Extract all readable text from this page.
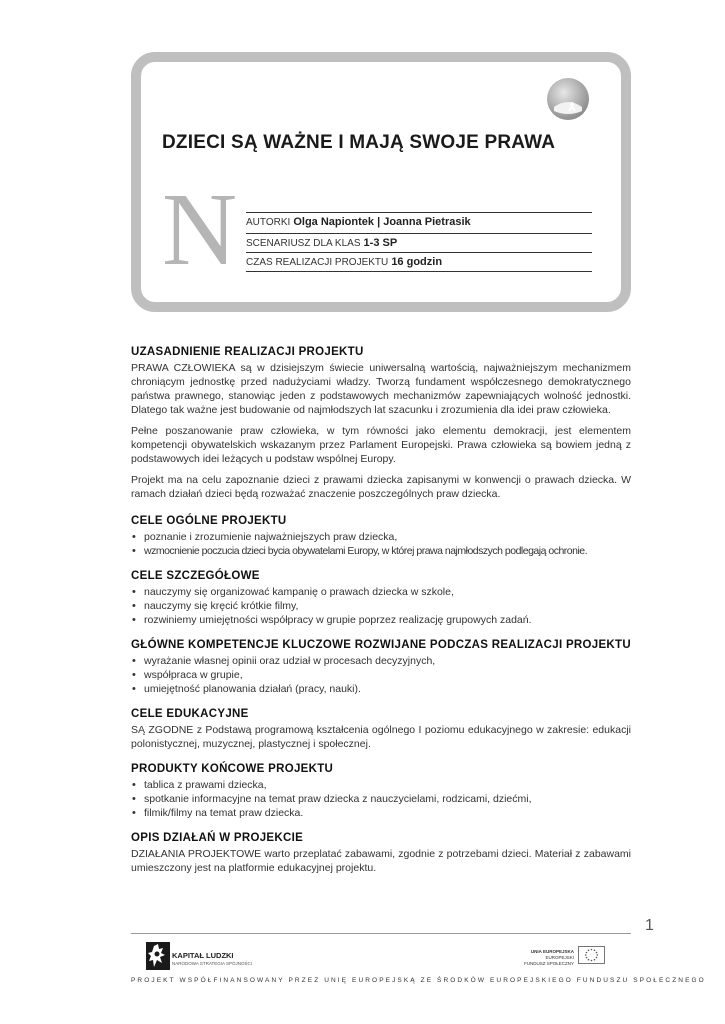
DZIECI SĄ WAŻNE I MAJĄ SWOJE PRAWA
N AUTORKI Olga Napiontek | Joanna Pietrasik
SCENARIUSZ DLA KLAS 1-3 SP
CZAS REALIZACJI PROJEKTU 16 godzin
UZASADNIENIE REALIZACJI PROJEKTU

PRAWA CZŁOWIEKA są w dzisiejszym świecie uniwersalną wartością, najważniejszym mechanizmem chroniącym jednostkę przed nadużyciami władzy. Tworzą fundament współczesnego demokratycznego państwa prawnego, stanowiąc jeden z podstawowych mechanizmów zapewniających wolność jednostki. Dlatego tak ważne jest budowanie od najmłodszych lat szacunku i zrozumienia dla idei praw człowieka.

Pełne poszanowanie praw człowieka, w tym równości jako elementu demokracji, jest elementem kompetencji obywatelskich wskazanym przez Parlament Europejski. Prawa człowieka są bowiem jedną z podstawowych idei leżących u podstaw wspólnej Europy.

Projekt ma na celu zapoznanie dzieci z prawami dziecka zapisanymi w konwencji o prawach dziecka. W ramach działań dzieci będą rozważać znaczenie poszczególnych praw dziecka.

CELE OGÓLNE PROJEKTU
• poznanie i zrozumienie najważniejszych praw dziecka,
• wzmocnienie poczucia dzieci bycia obywatelami Europy, w której prawa najmłodszych podlegają ochronie.
CELE SZCZEGÓŁOWE
• nauczymy się organizować kampanię o prawach dziecka w szkole,
• nauczymy się kręcić krótkie filmy,
• rozwiniemy umiejętności współpracy w grupie poprzez realizację grupowych zadań.
GŁÓWNE KOMPETENCJE KLUCZOWE ROZWIJANE PODCZAS REALIZACJI PROJEKTU
• wyrażanie własnej opinii oraz udział w procesach decyzyjnych,
• współpraca w grupie,
• umiejętność planowania działań (pracy, nauki).
CELE EDUKACYJNE

SĄ ZGODNE z Podstawą programową kształcenia ogólnego I poziomu edukacyjnego w zakresie: edukacji polonistycznej, muzycznej, plastycznej i społecznej.

PRODUKTY KOŃCOWE PROJEKTU
• tablica z prawami dziecka,
• spotkanie informacyjne na temat praw dziecka z nauczycielami, rodzicami, dziećmi,
• filmik/filmy na temat praw dziecka.
OPIS DZIAŁAŃ W PROJEKCIE

DZIAŁANIA PROJEKTOWE warto przeplatać zabawami, zgodnie z potrzebami dzieci. Materiał z zabawami umieszczony jest na platformie edukacyjnej projektu.

1
KAPITAŁ LUDZKI
NARODOWA STRATEGIA SPÓJNOŚCI
UNIA EUROPEJSKA
EUROPEJSKI
FUNDUSZ SPOŁECZNY
PROJEKT WSPÓŁFINANSOWANY PRZEZ UNIĘ EUROPEJSKĄ ZE ŚRODKÓW EUROPEJSKIEGO FUNDUSZU SPOŁECZNEGO
